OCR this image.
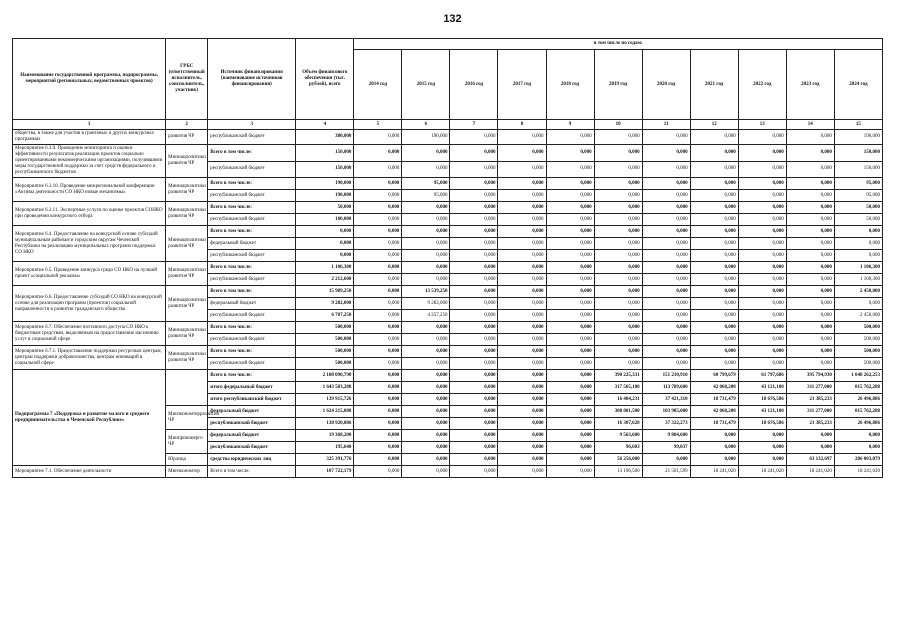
132
Наименование государственной программы, подпрограммы, мероприятий (региональных, ведомственных проектов)	ГРБС (ответственный исполнитель, соисполнитель, участник)	Источник финансирования (наименование источников финансирования)	Объем финансового обеспечения (тыс. рублей), всего	в том числе по годам:										
				2014 год	2015 год	2016 год	2017 год	2018 год	2019 год	2020 год	2021 год	2022 год	2023 год	2024 год
1	2	3	4	5	6	7	8	9	10	11	12	13	14	15
общества, в также для участия в грантовых и других конкурсных программах	развития ЧР	республиканский бюджет	380,000	0,000	190,000	0,000	0,000	0,000	0,000	0,000	0,000	0,000	0,000	190,000
Мероприятие 6.3.9. Проведение мониторинга и оценки эффективности результатов реализации проектов социально ориентированными некоммерческими организациями, получившими меры государственной поддержки за счет средств федерального и республиканского бюджетов	Миннацполитики развития ЧР	Всего в том числе:	150,000	0,000	0,000	0,000	0,000	0,000	0,000	0,000	0,000	0,000	0,000	150,000
		республиканский бюджет	150,000	0,000	0,000	0,000	0,000	0,000	0,000	0,000	0,000	0,000	0,000	150,000
Мероприятие 6.3.10. Проведение межрегиональной конференции «Активы деятельности СО НКО новые механизмы»	Миннацполитики развития ЧР	Всего в том числе:	190,000	0,000	95,000	0,000	0,000	0,000	0,000	0,000	0,000	0,000	0,000	95,000
		республиканский бюджет	190,000	0,000	95,000	0,000	0,000	0,000	0,000	0,000	0,000	0,000	0,000	95,000
Мероприятие 6.3.11. Экспертные услуги по оценке проектов СОНКО при проведении конкурсного отбора	Миннацполитики развития ЧР	Всего в том числе:	50,000	0,000	0,000	0,000	0,000	0,000	0,000	0,000	0,000	0,000	0,000	50,000
		республиканский бюджет	100,000	0,000	0,000	0,000	0,000	0,000	0,000	0,000	0,000	0,000	0,000	50,000
Мероприятие 6.4. Предоставление на конкурсной основе субсидий муниципальным районам и городским округам Чеченской Республики на реализацию муниципальных программ поддержки СО НКО	Миннацполитики развития ЧР	Всего в том числе:	0,000	0,000	0,000	0,000	0,000	0,000	0,000	0,000	0,000	0,000	0,000	0,000
		федеральный бюджет	0,000	0,000	0,000	0,000	0,000	0,000	0,000	0,000	0,000	0,000	0,000	0,000
		республиканский бюджет	0,000	0,000	0,000	0,000	0,000	0,000	0,000	0,000	0,000	0,000	0,000	0,000
Мероприятие 6.5. Проведение конкурса среди СО НКО на лучший проект «социальной рекламы»	Миннацполитики развития ЧР	Всего в том числе:	1 106,300	0,000	0,000	0,000	0,000	0,000	0,000	0,000	0,000	0,000	0,000	1 106,300
		республиканский бюджет	2 212,600	0,000	0,000	0,000	0,000	0,000	0,000	0,000	0,000	0,000	0,000	1 106,300
Мероприятие 6.6. Предоставление субсидий СО НКО на конкурсной основе для реализации программ (проектов) социальной направленности в развитии гражданского общества	Миннацполитики развития ЧР	Всего в том числе:	15 989,250	0,000	13 539,250	0,000	0,000	0,000	0,000	0,000	0,000	0,000	0,000	2 450,000
		федеральный бюджет	9 282,000	0,000	9 282,000	0,000	0,000	0,000	0,000	0,000	0,000	0,000	0,000	0,000
		республиканский бюджет	6 707,250	0,000	4 257,250	0,000	0,000	0,000	0,000	0,000	0,000	0,000	0,000	2 450,000
Мероприятие 6.7. Обеспечение поэтапного доступа СО НКО к бюджетным средствам, выделяемым на предоставление населению услуг в социальной сфере	Миннацполитики развития ЧР	Всего в том числе:	500,000	0,000	0,000	0,000	0,000	0,000	0,000	0,000	0,000	0,000	0,000	500,000
		республиканский бюджет	500,000	0,000	0,000	0,000	0,000	0,000	0,000	0,000	0,000	0,000	0,000	500,000
Мероприятие 6.7.1. Предоставление поддержки ресурсным центрам, центрам поддержки добровольчества, центрам инноваций в социальной сфере	Миннацполитики развития ЧР	Всего в том числе:	500,000	0,000	0,000	0,000	0,000	0,000	0,000	0,000	0,000	0,000	0,000	500,000
		республиканский бюджет	500,000	0,000	0,000	0,000	0,000	0,000	0,000	0,000	0,000	0,000	0,000	500,000
Подпрограмма 7 «Поддержка и развитие малого и среднего предпринимательства в Чеченской Республике»		Всего в том числе:	2 108 090,790	0,000	0,000	0,000	0,000	0,000	390 225,331	151 210,910	60 799,679	61 797,686	395 794,930	1 048 262,253
		итого федеральный бюджет	1 643 583,288	0,000	0,000	0,000	0,000	0,000	317 565,100	113 789,600	42 068,200	43 121,100	311 277,000	815 762,288
		итого республиканский бюджет	139 915,726	0,000	0,000	0,000	0,000	0,000	16 404,231	37 421,310	18 731,479	18 676,586	21 385,233	26 496,886
	Минэкономтерразвития ЧР	федеральный бюджет	1 624 215,088	0,000	0,000	0,000	0,000	0,000	308 001,500	103 985,000	42 068,200	43 121,100	311 277,000	815 762,288
		республиканский бюджет	138 920,086	0,000	0,000	0,000	0,000	0,000	16 307,628	37 322,273	18 731,479	18 676,586	21 385,233	26 496,886
	Минпромэнерго ЧР	федеральный бюджет	19 368,200	0,000	0,000	0,000	0,000	0,000	9 563,600	9 804,600	0,000	0,000	0,000	0,000
		республиканский бюджет	195,640	0,000	0,000	0,000	0,000	0,000	96,603	99,037	0,000	0,000	0,000	0,000
	Юрлица	средства юридических лиц	325 391,776	0,000	0,000	0,000	0,000	0,000	56 256,000	0,000	0,000	0,000	63 132,697	206 003,079
Мероприятие 7.1. Обеспечение деятельности	Минэкономтер	Всего в том числе:	107 722,179	0,000	0,000	0,000	0,000	0,000	13 196,500	21 561,599	18 241,020	18 241,020	18 241,020	18 241,020
